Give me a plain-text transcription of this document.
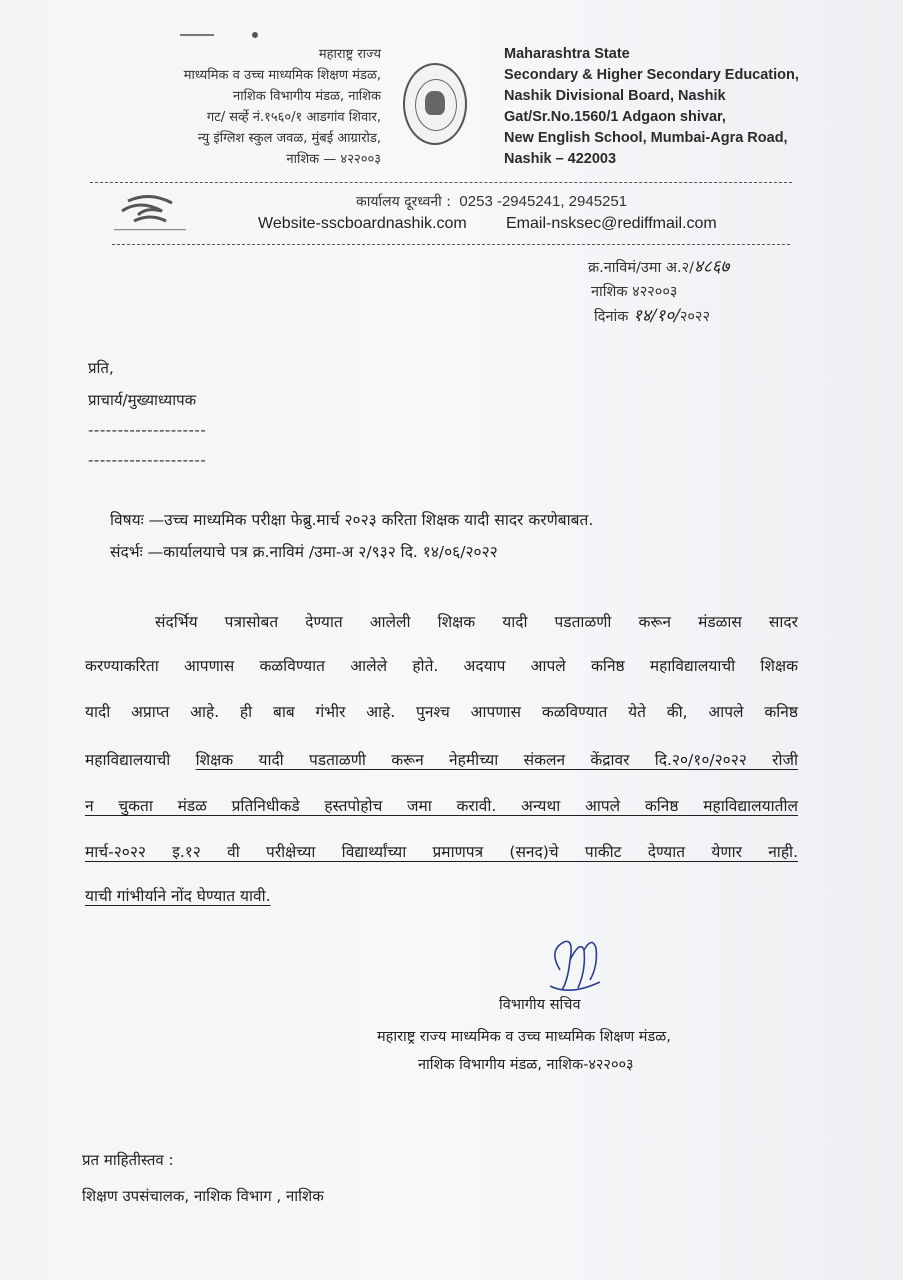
महाराष्ट्र राज्य
माध्यमिक व उच्च माध्यमिक शिक्षण मंडळ,
नाशिक विभागीय मंडळ, नाशिक
गट/ सर्व्हे नं.१५६०/१ आडगांव शिवार,
न्यु इंग्लिश स्कुल जवळ, मुंबई आग्रारोड,
नाशिक — ४२२००३
Maharashtra State
Secondary & Higher Secondary Education,
Nashik Divisional Board, Nashik
Gat/Sr.No.1560/1 Adgaon shivar,
New English School, Mumbai-Agra Road,
Nashik – 422003
कार्यालय दूरध्वनी : 0253 -2945241, 2945251
Website-sscboardnashik.com Email-nsksec@rediffmail.com
क्र.नाविमं/उमा अ.२/४८६७
नाशिक ४२२००३
दिनांक १४/१०/२०२२
प्रति,
प्राचार्य/मुख्याध्यापक
--------------------
--------------------
विषयः —उच्च माध्यमिक परीक्षा फेब्रु.मार्च २०२३ करिता शिक्षक यादी सादर करणेबाबत.
संदर्भः —कार्यालयाचे पत्र क्र.नाविमं /उमा-अ २/९३२ दि. १४/०६/२०२२
संदर्भिय पत्रासोबत देण्यात आलेली शिक्षक यादी पडताळणी करून मंडळास सादर
करण्याकरिता आपणास कळविण्यात आलेले होते. अदयाप आपले कनिष्ठ महाविद्यालयाची शिक्षक
यादी अप्राप्त आहे. ही बाब गंभीर आहे. पुनश्च आपणास कळविण्यात येते की, आपले कनिष्ठ
महाविद्यालयाची शिक्षक यादी पडताळणी करून नेहमीच्या संकलन केंद्रावर दि.२०/१०/२०२२ रोजी
न चुकता मंडळ प्रतिनिधीकडे हस्तपोहोच जमा करावी. अन्यथा आपले कनिष्ठ महाविद्यालयातील
मार्च-२०२२ इ.१२ वी परीक्षेच्या विद्यार्थ्यांच्या प्रमाणपत्र (सनद)चे पाकीट देण्यात येणार नाही.
याची गांभीर्याने नोंद घेण्यात यावी.
विभागीय सचिव
महाराष्ट्र राज्य माध्यमिक व उच्च माध्यमिक शिक्षण मंडळ,
नाशिक विभागीय मंडळ, नाशिक-४२२००३
प्रत माहितीस्तव :
शिक्षण उपसंचालक, नाशिक विभाग , नाशिक
